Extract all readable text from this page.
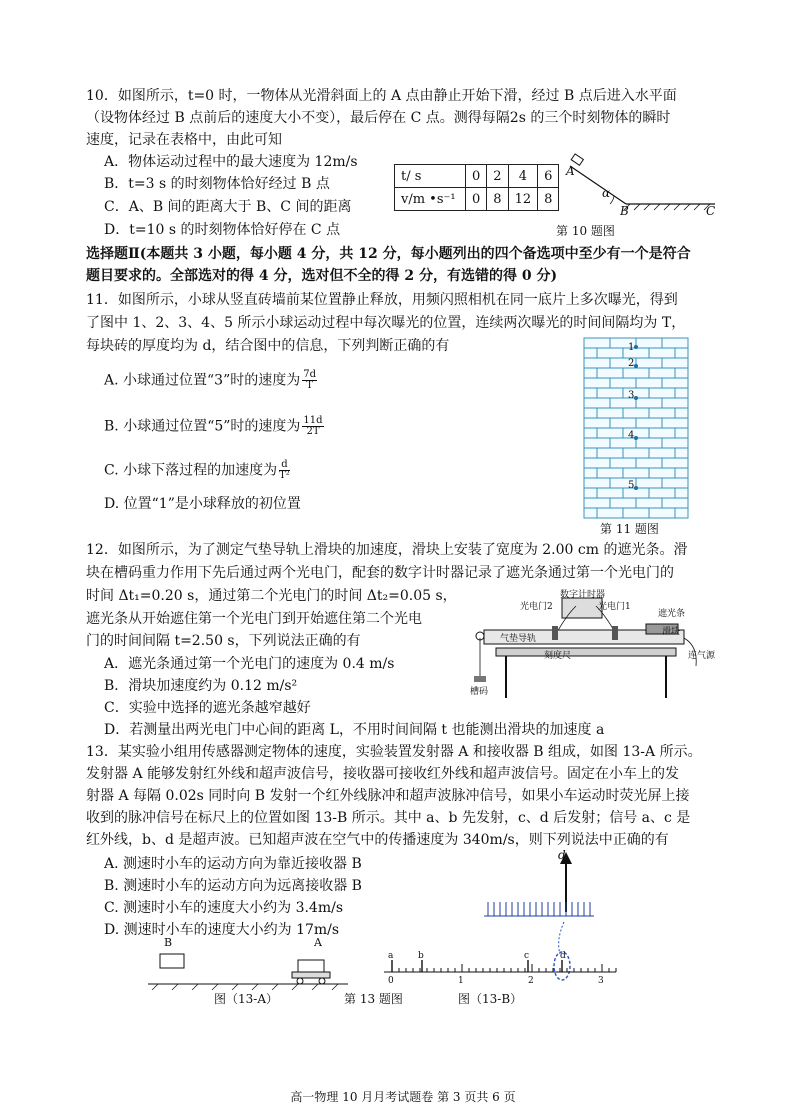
10．如图所示，t=0 时，一物体从光滑斜面上的 A 点由静止开始下滑，经过 B 点后进入水平面
（设物体经过 B 点前后的速度大小不变），最后停在 C 点。测得每隔2s 的三个时刻物体的瞬时
速度，记录在表格中，由此可知
A．物体运动过程中的最大速度为 12m/s
B．t=3 s 的时刻物体恰好经过 B 点
C．A、B 间的距离大于 B、C 间的距离
D．t=10 s 的时刻物体恰好停在 C 点
t/ s	0	2	4	6
v/m •s⁻¹	0	8	12	8
A
α
B	C
第 10 题图
选择题Ⅱ(本题共 3 小题，每小题 4 分，共 12 分，每小题列出的四个备选项中至少有一个是符合
题目要求的。全部选对的得 4 分，选对但不全的得 2 分，有选错的得 0 分)
11．如图所示，小球从竖直砖墙前某位置静止释放，用频闪照相机在同一底片上多次曝光，得到
了图中 1、2、3、4、5 所示小球运动过程中每次曝光的位置，连续两次曝光的时间间隔均为 T，
每块砖的厚度均为 d，结合图中的信息，下列判断正确的有
A. 小球通过位置“3”时的速度为 $\frac{7d}{T}$
B. 小球通过位置“5”时的速度为 $\frac{11d}{2T}$
C. 小球下落过程的加速度为 $\frac{d}{\text{T²}}$
D. 位置“1”是小球释放的初位置
1
2
3
4
5
第 11 题图
12．如图所示，为了测定气垫导轨上滑块的加速度，滑块上安装了宽度为 2.00 cm 的遮光条。滑
块在槽码重力作用下先后通过两个光电门，配套的数字计时器记录了遮光条通过第一个光电门的
时间 Δt₁=0.20 s，通过第二个光电门的时间 Δt₂=0.05 s，
遮光条从开始遮住第一个光电门到开始遮住第二个光电
门的时间间隔 t=2.50 s，下列说法正确的有
A．遮光条通过第一个光电门的速度为 0.4 m/s
B．滑块加速度约为 0.12 m/s²
C．实验中选择的遮光条越窄越好
D．若测量出两光电门中心间的距离 L，不用时间间隔 t 也能测出滑块的加速度 a
数字计时器
光电门2	光电门1
遮光条
气垫导轨
滑块
刻度尺	连气源
槽码
13．某实验小组用传感器测定物体的速度，实验装置发射器 A 和接收器 B 组成，如图 13-A 所示。
发射器 A 能够发射红外线和超声波信号，接收器可接收红外线和超声波信号。固定在小车上的发
射器 A 每隔 0.02s 同时向 B 发射一个红外线脉冲和超声波脉冲信号，如果小车运动时荧光屏上接
收到的脉冲信号在标尺上的位置如图 13-B 所示。其中 a、b 先发射，c、d 后发射；信号 a、c 是
红外线，b、d 是超声波。已知超声波在空气中的传播速度为 340m/s，则下列说法中正确的有
A. 测速时小车的运动方向为靠近接收器 B
B. 测速时小车的运动方向为远离接收器 B
C. 测速时小车的速度大小约为 3.4m/s
D. 测速时小车的速度大小约为 17m/s
B	A
图（13-A）
d
a	b	c	d
0	1	2	3
第 13 题图	图（13-B）
高一物理 10 月月考试题卷 第 3 页共 6 页
